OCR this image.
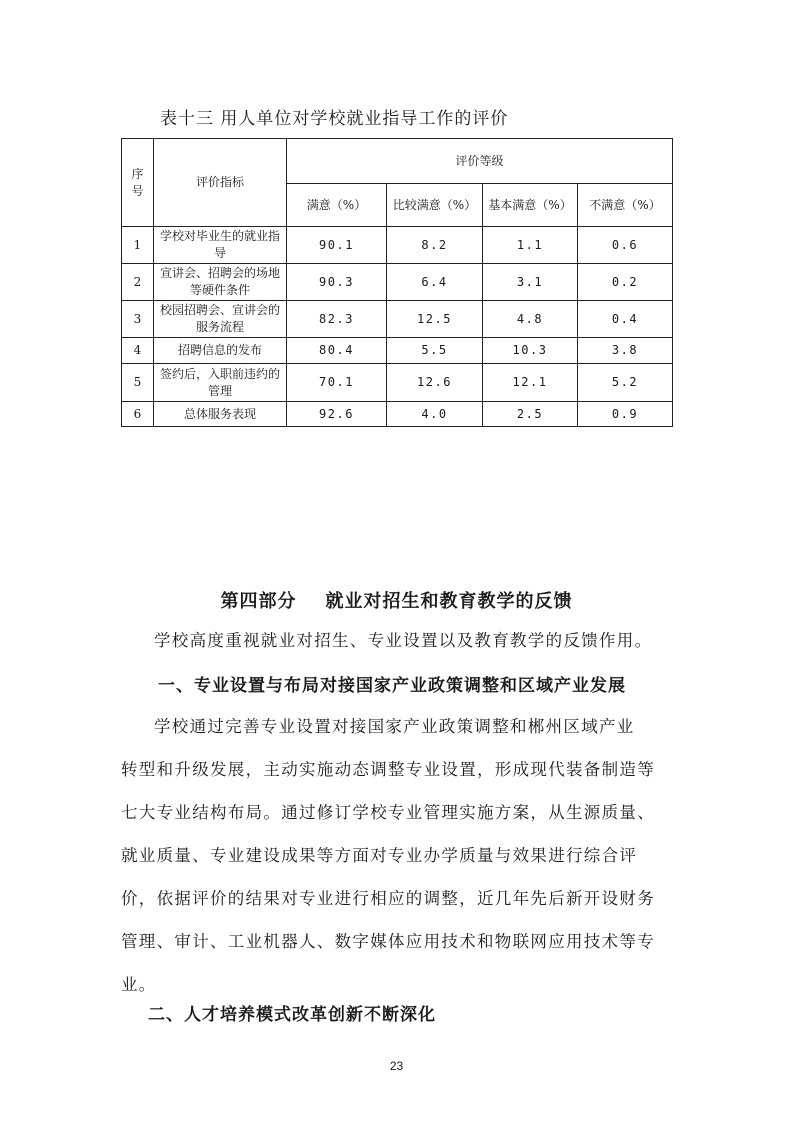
表十三 用人单位对学校就业指导工作的评价
序号	评价指标	评价等级			
		满意（%）	比较满意（%）	基本满意（%）	不满意（%）
1	学校对毕业生的就业指导	90.1	8.2	1.1	0.6
2	宣讲会、招聘会的场地等硬件条件	90.3	6.4	3.1	0.2
3	校园招聘会、宣讲会的服务流程	82.3	12.5	4.8	0.4
4	招聘信息的发布	80.4	5.5	10.3	3.8
5	签约后，入职前违约的管理	70.1	12.6	12.1	5.2
6	总体服务表现	92.6	4.0	2.5	0.9
第四部分    就业对招生和教育教学的反馈
学校高度重视就业对招生、专业设置以及教育教学的反馈作用。
一、专业设置与布局对接国家产业政策调整和区域产业发展
学校通过完善专业设置对接国家产业政策调整和郴州区域产业
转型和升级发展，主动实施动态调整专业设置，形成现代装备制造等
七大专业结构布局。通过修订学校专业管理实施方案，从生源质量、
就业质量、专业建设成果等方面对专业办学质量与效果进行综合评
价，依据评价的结果对专业进行相应的调整，近几年先后新开设财务
管理、审计、工业机器人、数字媒体应用技术和物联网应用技术等专
业。
二、人才培养模式改革创新不断深化
23
